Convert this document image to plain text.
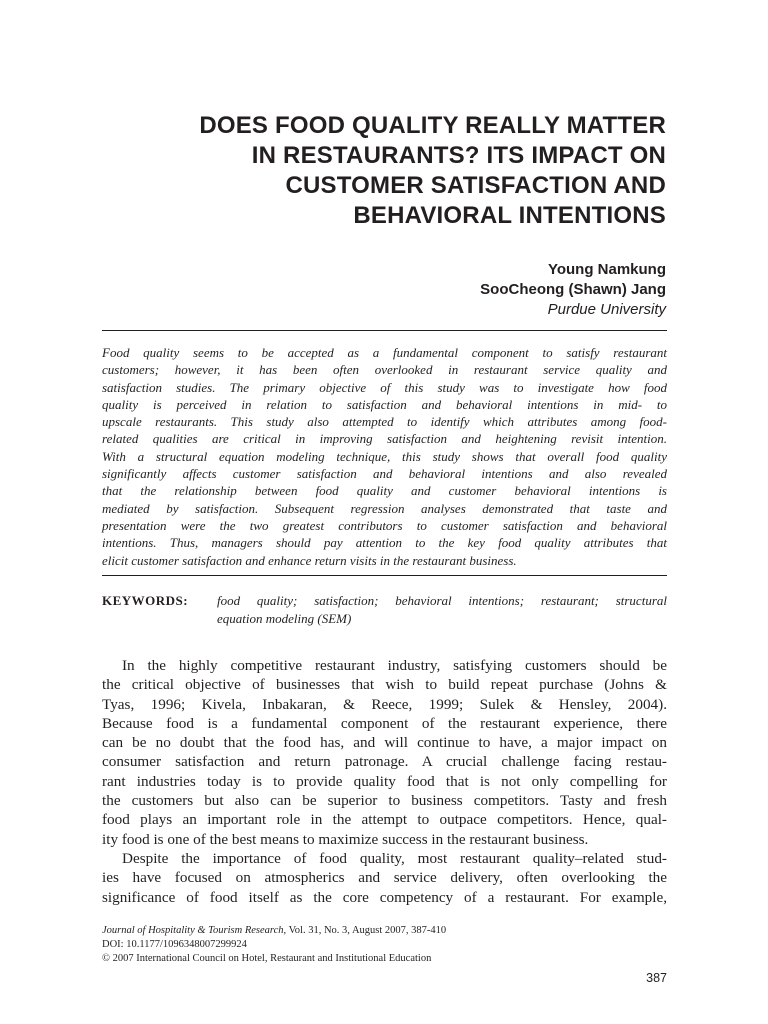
DOES FOOD QUALITY REALLY MATTER
IN RESTAURANTS? ITS IMPACT ON
CUSTOMER SATISFACTION AND
BEHAVIORAL INTENTIONS
Young Namkung
SooCheong (Shawn) Jang
Purdue University
Food quality seems to be accepted as a fundamental component to satisfy restaurant
customers; however, it has been often overlooked in restaurant service quality and
satisfaction studies. The primary objective of this study was to investigate how food
quality is perceived in relation to satisfaction and behavioral intentions in mid- to
upscale restaurants. This study also attempted to identify which attributes among food-
related qualities are critical in improving satisfaction and heightening revisit intention.
With a structural equation modeling technique, this study shows that overall food quality
significantly affects customer satisfaction and behavioral intentions and also revealed
that the relationship between food quality and customer behavioral intentions is
mediated by satisfaction. Subsequent regression analyses demonstrated that taste and
presentation were the two greatest contributors to customer satisfaction and behavioral
intentions. Thus, managers should pay attention to the key food quality attributes that
elicit customer satisfaction and enhance return visits in the restaurant business.
KEYWORDS: food quality; satisfaction; behavioral intentions; restaurant; structural
equation modeling (SEM)
In the highly competitive restaurant industry, satisfying customers should be
the critical objective of businesses that wish to build repeat purchase (Johns &
Tyas, 1996; Kivela, Inbakaran, & Reece, 1999; Sulek & Hensley, 2004).
Because food is a fundamental component of the restaurant experience, there
can be no doubt that the food has, and will continue to have, a major impact on
consumer satisfaction and return patronage. A crucial challenge facing restau-
rant industries today is to provide quality food that is not only compelling for
the customers but also can be superior to business competitors. Tasty and fresh
food plays an important role in the attempt to outpace competitors. Hence, qual-
ity food is one of the best means to maximize success in the restaurant business.
Despite the importance of food quality, most restaurant quality–related stud-
ies have focused on atmospherics and service delivery, often overlooking the
significance of food itself as the core competency of a restaurant. For example,
Journal of Hospitality & Tourism Research, Vol. 31, No. 3, August 2007, 387-410
DOI: 10.1177/1096348007299924
© 2007 International Council on Hotel, Restaurant and Institutional Education
387
